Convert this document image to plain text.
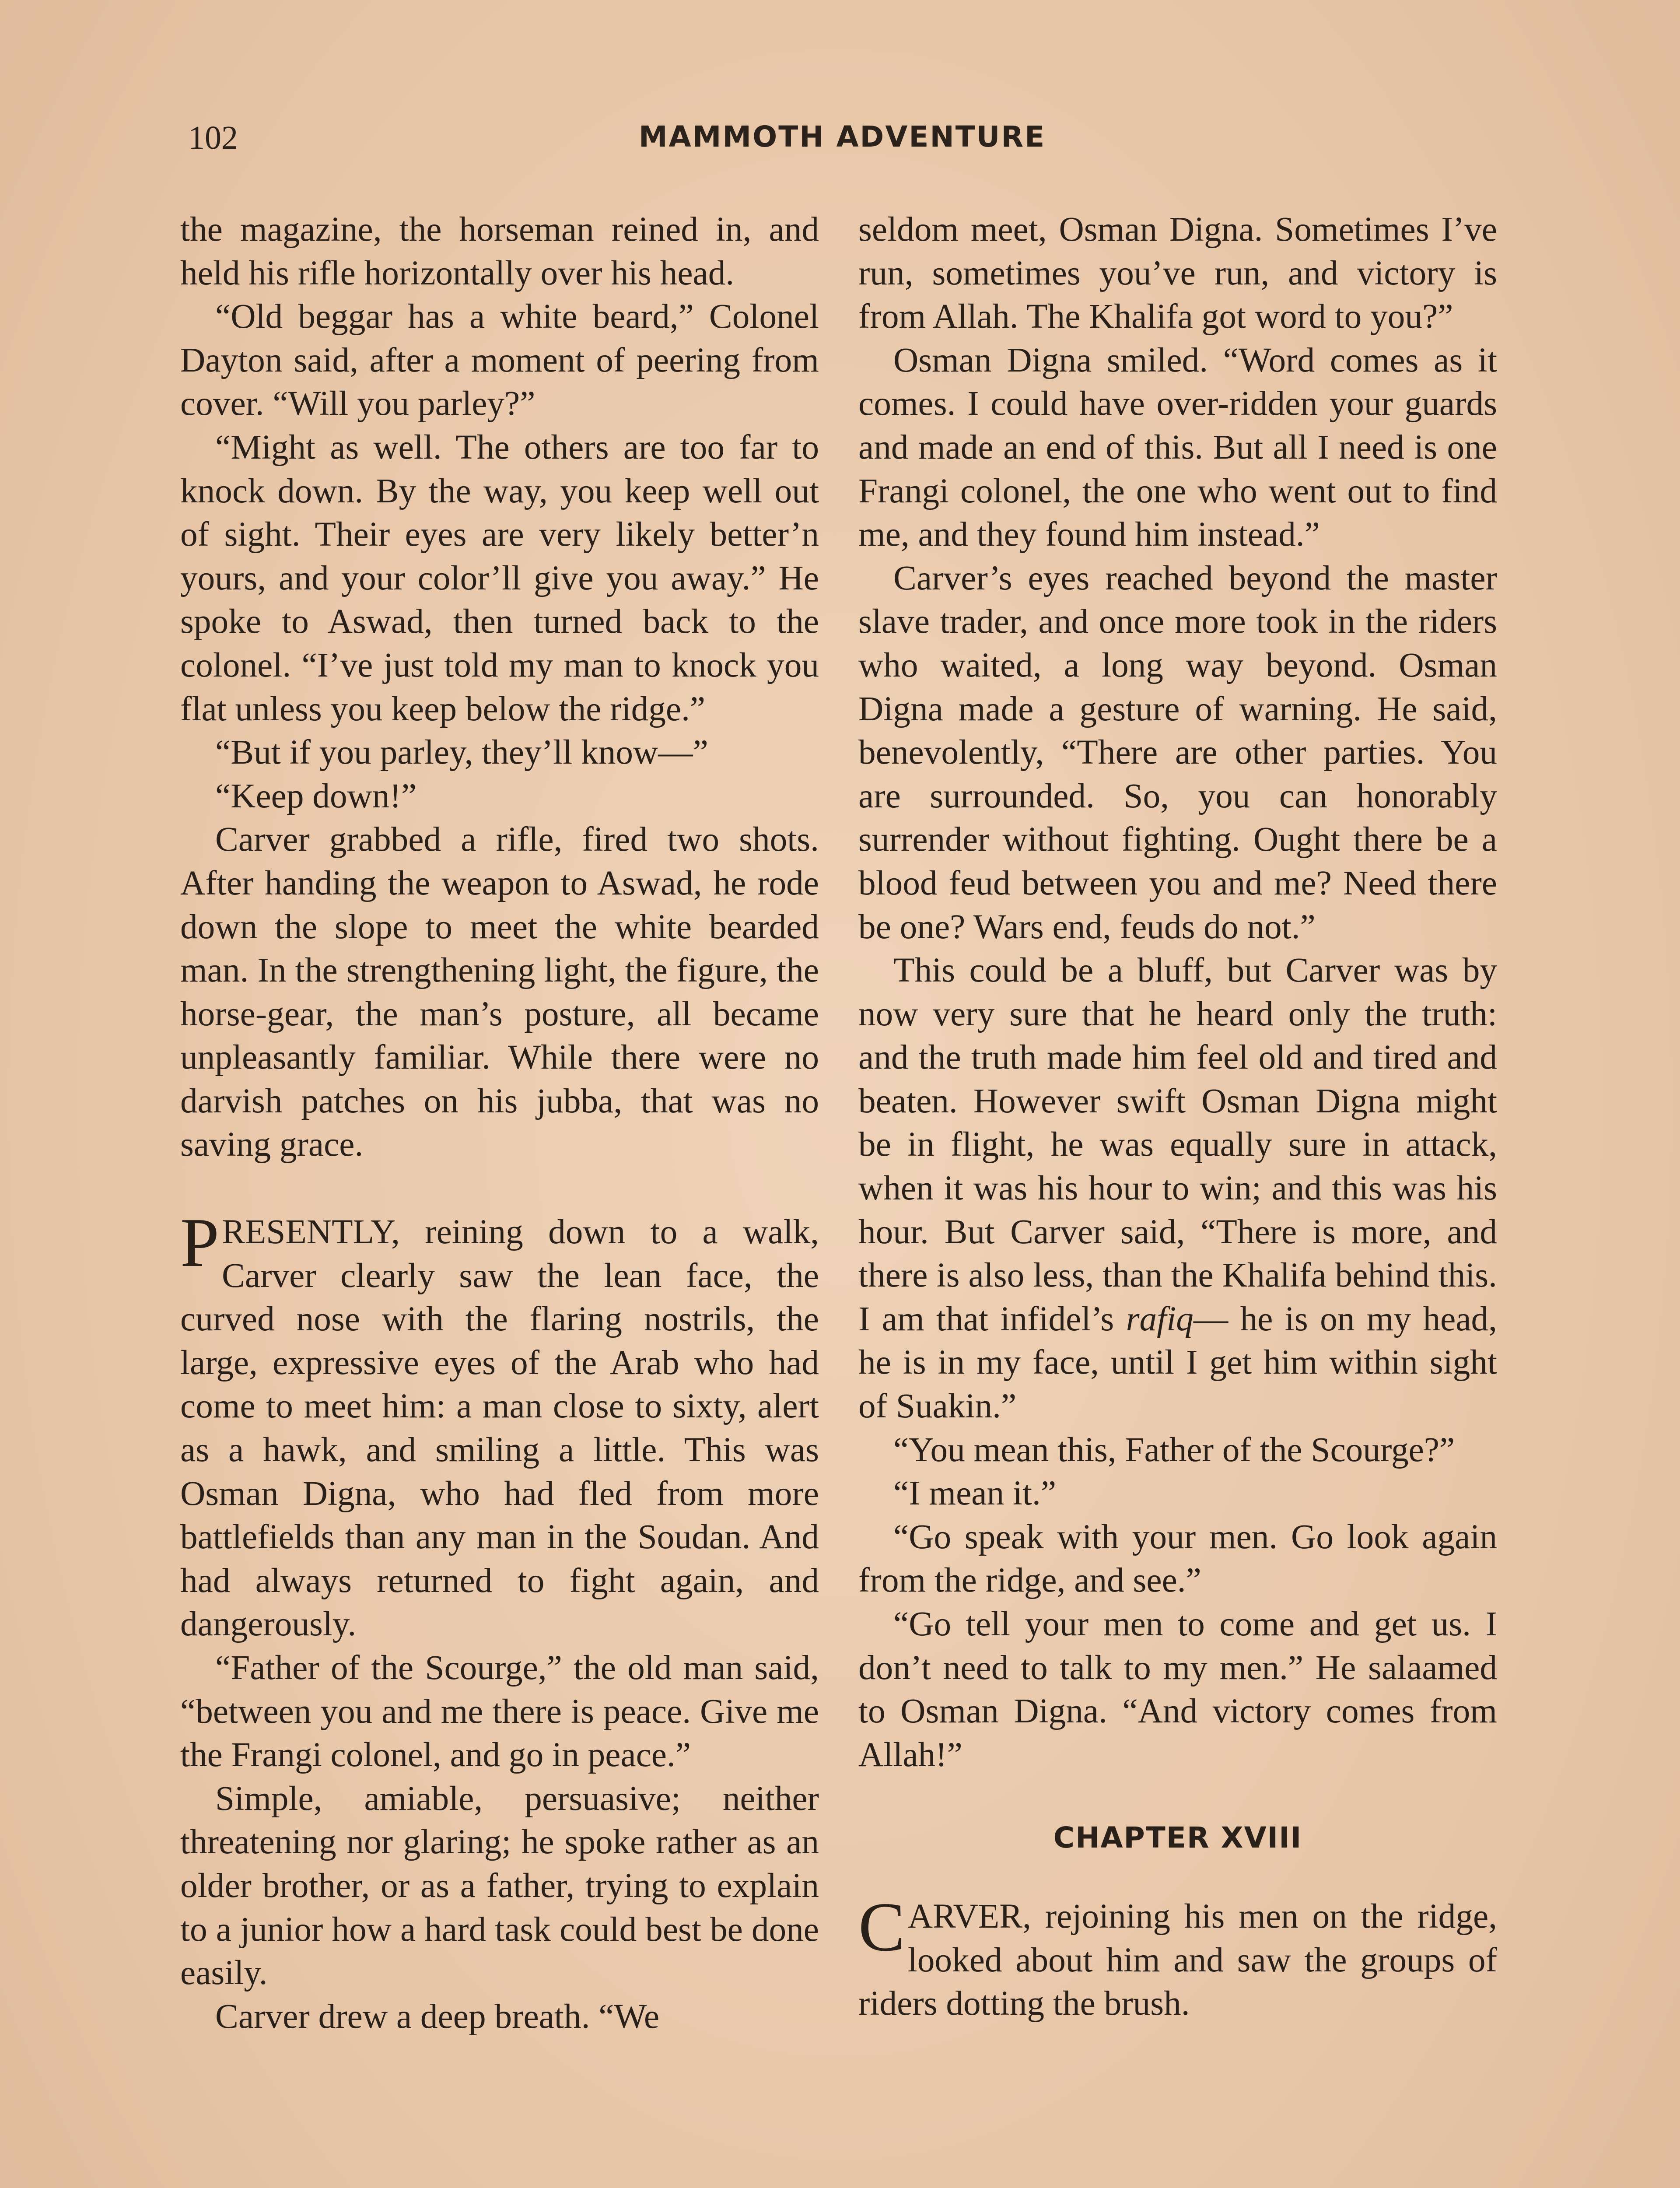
102	MAMMOTH ADVENTURE

the magazine, the horseman reined in, and held his rifle horizontally over his head.

“Old beggar has a white beard,” Colonel Dayton said, after a moment of peering from cover. “Will you parley?”

“Might as well. The others are too far to knock down. By the way, you keep well out of sight. Their eyes are very likely better’n yours, and your color’ll give you away.” He spoke to Aswad, then turned back to the colonel. “I’ve just told my man to knock you flat unless you keep below the ridge.”

“But if you parley, they’ll know—”

“Keep down!”

Carver grabbed a rifle, fired two shots. After handing the weapon to Aswad, he rode down the slope to meet the white bearded man. In the strengthening light, the figure, the horse-gear, the man’s posture, all became unpleasantly familiar. While there were no darvish patches on his jubba, that was no saving grace.

PRESENTLY, reining down to a walk, Carver clearly saw the lean face, the curved nose with the flaring nostrils, the large, expressive eyes of the Arab who had come to meet him: a man close to sixty, alert as a hawk, and smiling a little. This was Osman Digna, who had fled from more battlefields than any man in the Soudan. And had always returned to fight again, and dangerously.

“Father of the Scourge,” the old man said, “between you and me there is peace. Give me the Frangi colonel, and go in peace.”

Simple, amiable, persuasive; neither threatening nor glaring; he spoke rather as an older brother, or as a father, trying to explain to a junior how a hard task could best be done easily.

Carver drew a deep breath. “We

seldom meet, Osman Digna. Sometimes I’ve run, sometimes you’ve run, and victory is from Allah. The Khalifa got word to you?”

Osman Digna smiled. “Word comes as it comes. I could have over-ridden your guards and made an end of this. But all I need is one Frangi colonel, the one who went out to find me, and they found him instead.”

Carver’s eyes reached beyond the master slave trader, and once more took in the riders who waited, a long way beyond. Osman Digna made a gesture of warning. He said, benevolently, “There are other parties. You are surrounded. So, you can honorably surrender without fighting. Ought there be a blood feud between you and me? Need there be one? Wars end, feuds do not.”

This could be a bluff, but Carver was by now very sure that he heard only the truth: and the truth made him feel old and tired and beaten. However swift Osman Digna might be in flight, he was equally sure in attack, when it was his hour to win; and this was his hour. But Carver said, “There is more, and there is also less, than the Khalifa behind this. I am that infidel’s rafiq— he is on my head, he is in my face, until I get him within sight of Suakin.”

“You mean this, Father of the Scourge?”

“I mean it.”

“Go speak with your men. Go look again from the ridge, and see.”

“Go tell your men to come and get us. I don’t need to talk to my men.” He salaamed to Osman Digna. “And victory comes from Allah!”

CHAPTER XVIII

CARVER, rejoining his men on the ridge, looked about him and saw the groups of riders dotting the brush.
